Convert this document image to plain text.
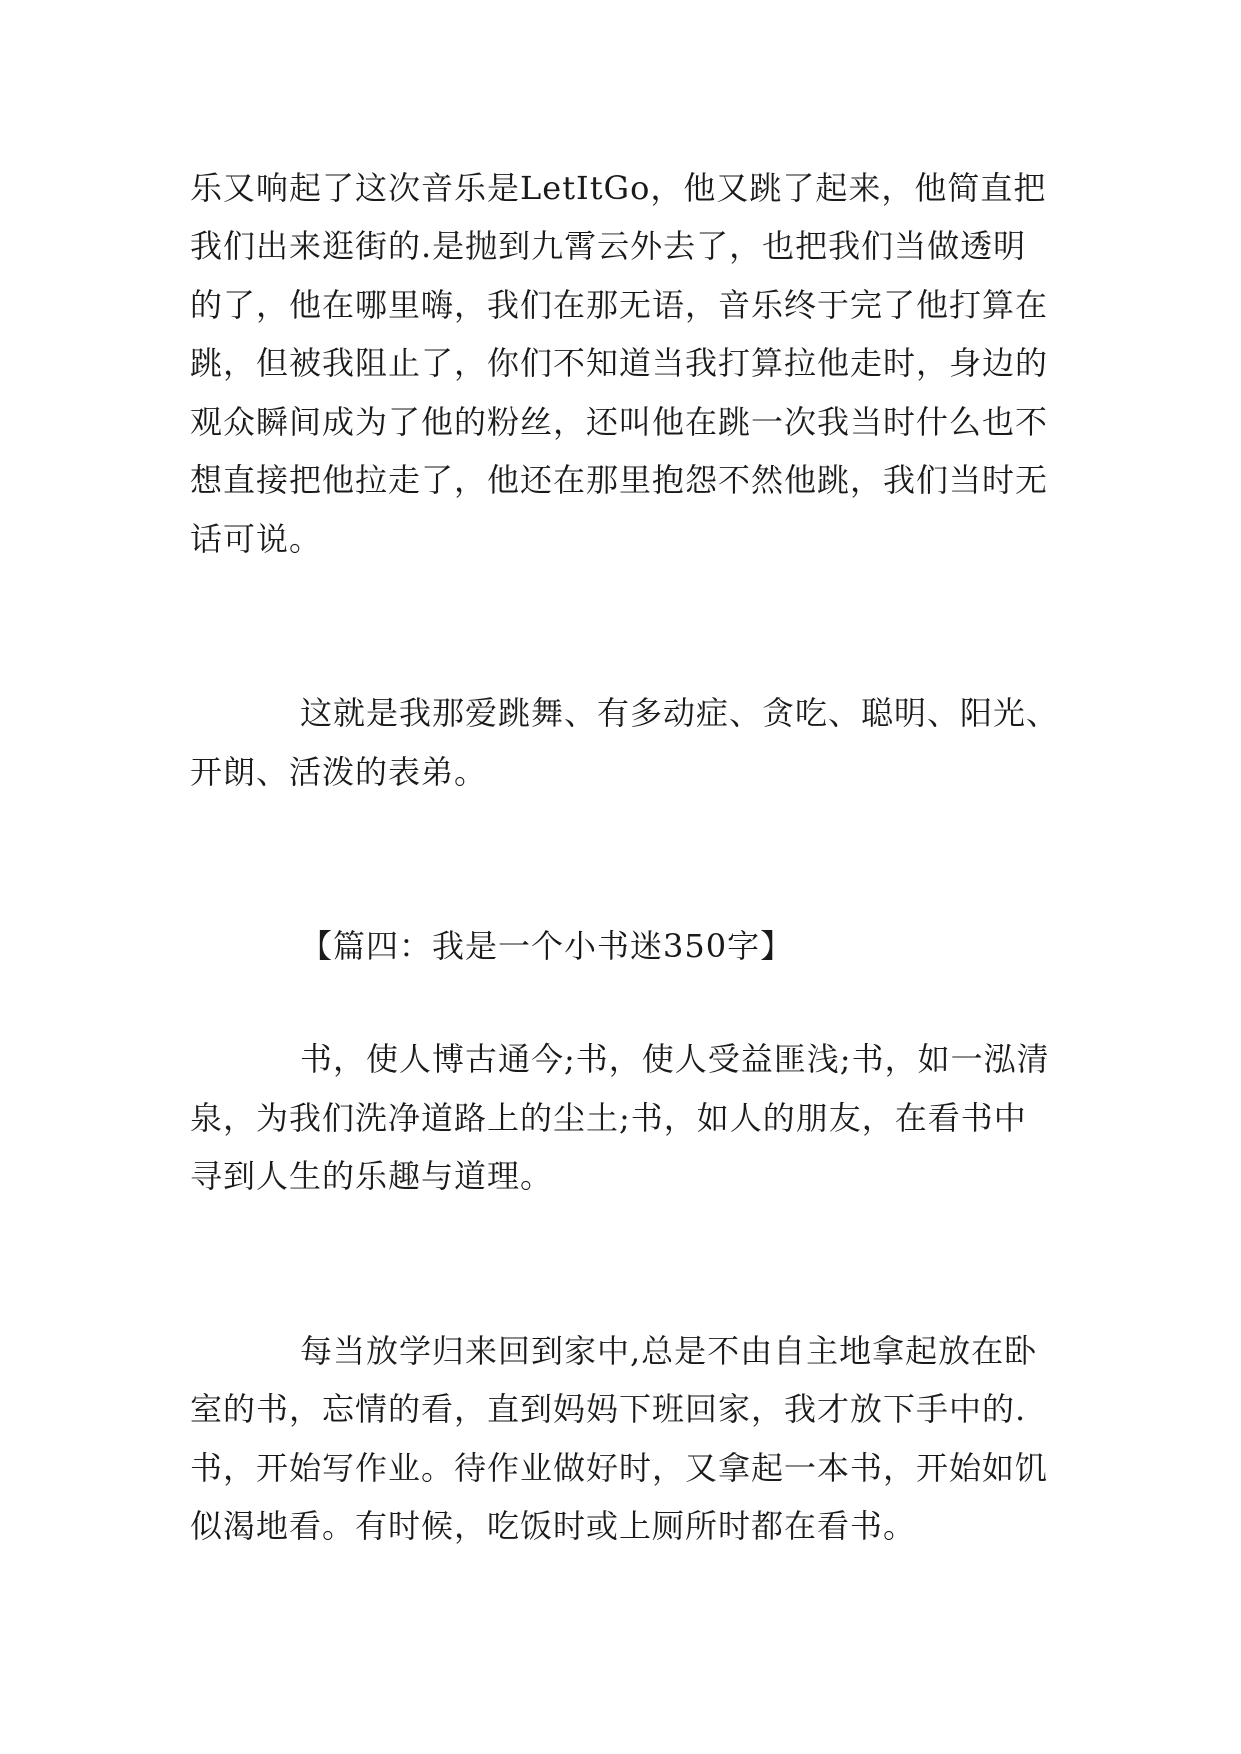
乐又响起了这次音乐是LetItGo，他又跳了起来，他简直把
我们出来逛街的.是抛到九霄云外去了，也把我们当做透明
的了，他在哪里嗨，我们在那无语，音乐终于完了他打算在
跳，但被我阻止了，你们不知道当我打算拉他走时，身边的
观众瞬间成为了他的粉丝，还叫他在跳一次我当时什么也不
想直接把他拉走了，他还在那里抱怨不然他跳，我们当时无
话可说。
这就是我那爱跳舞、有多动症、贪吃、聪明、阳光、
开朗、活泼的表弟。
【篇四：我是一个小书迷350字】
书，使人博古通今;书，使人受益匪浅;书，如一泓清
泉，为我们洗净道路上的尘土;书，如人的朋友，在看书中
寻到人生的乐趣与道理。
每当放学归来回到家中,总是不由自主地拿起放在卧
室的书，忘情的看，直到妈妈下班回家，我才放下手中的.
书，开始写作业。待作业做好时，又拿起一本书，开始如饥
似渴地看。有时候，吃饭时或上厕所时都在看书。
